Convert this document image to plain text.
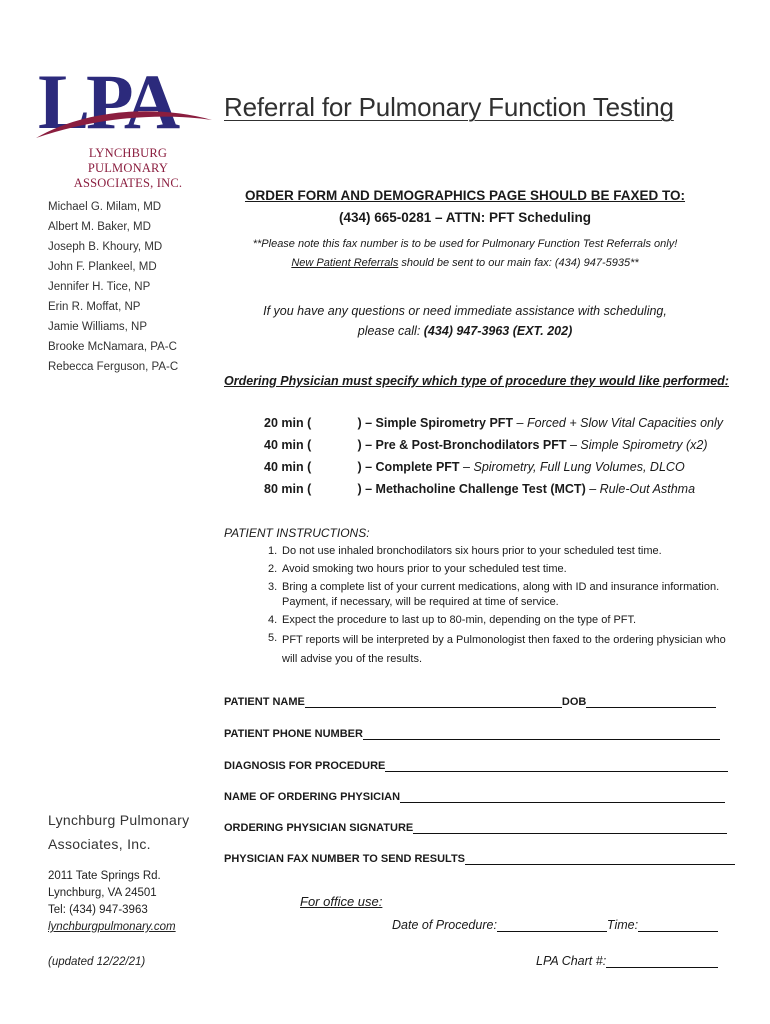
LPA
LYNCHBURG PULMONARY
ASSOCIATES, INC.
Referral for Pulmonary Function Testing
Michael G. Milam, MD
Albert M. Baker, MD
Joseph B. Khoury, MD
John F. Plankeel, MD
Jennifer H. Tice, NP
Erin R. Moffat, NP
Jamie Williams, NP
Brooke McNamara, PA-C
Rebecca Ferguson, PA-C
ORDER FORM AND DEMOGRAPHICS PAGE SHOULD BE FAXED TO:
(434) 665-0281 – ATTN: PFT Scheduling
**Please note this fax number is to be used for Pulmonary Function Test Referrals only!
New Patient Referrals should be sent to our main fax: (434) 947-5935**
If you have any questions or need immediate assistance with scheduling,
please call: (434) 947-3963 (EXT. 202)
Ordering Physician must specify which type of procedure they would like performed:
20 min (	) – Simple Spirometry PFT – Forced + Slow Vital Capacities only
40 min (	) – Pre & Post-Bronchodilators PFT – Simple Spirometry (x2)
40 min (	) – Complete PFT – Spirometry, Full Lung Volumes, DLCO
80 min (	) – Methacholine Challenge Test (MCT) – Rule-Out Asthma
PATIENT INSTRUCTIONS:
1. Do not use inhaled bronchodilators six hours prior to your scheduled test time.
2. Avoid smoking two hours prior to your scheduled test time.
3. Bring a complete list of your current medications, along with ID and insurance information. Payment, if necessary, will be required at time of service.
4. Expect the procedure to last up to 80-min, depending on the type of PFT.
5. PFT reports will be interpreted by a Pulmonologist then faxed to the ordering physician who will advise you of the results.
PATIENT NAME	DOB
PATIENT PHONE NUMBER
DIAGNOSIS FOR PROCEDURE
NAME OF ORDERING PHYSICIAN
ORDERING PHYSICIAN SIGNATURE
PHYSICIAN FAX NUMBER TO SEND RESULTS
Lynchburg Pulmonary
Associates, Inc.
2011 Tate Springs Rd.
Lynchburg, VA 24501
Tel: (434) 947-3963
lynchburgpulmonary.com
(updated 12/22/21)
For office use:
Date of Procedure:	Time:
LPA Chart #:
